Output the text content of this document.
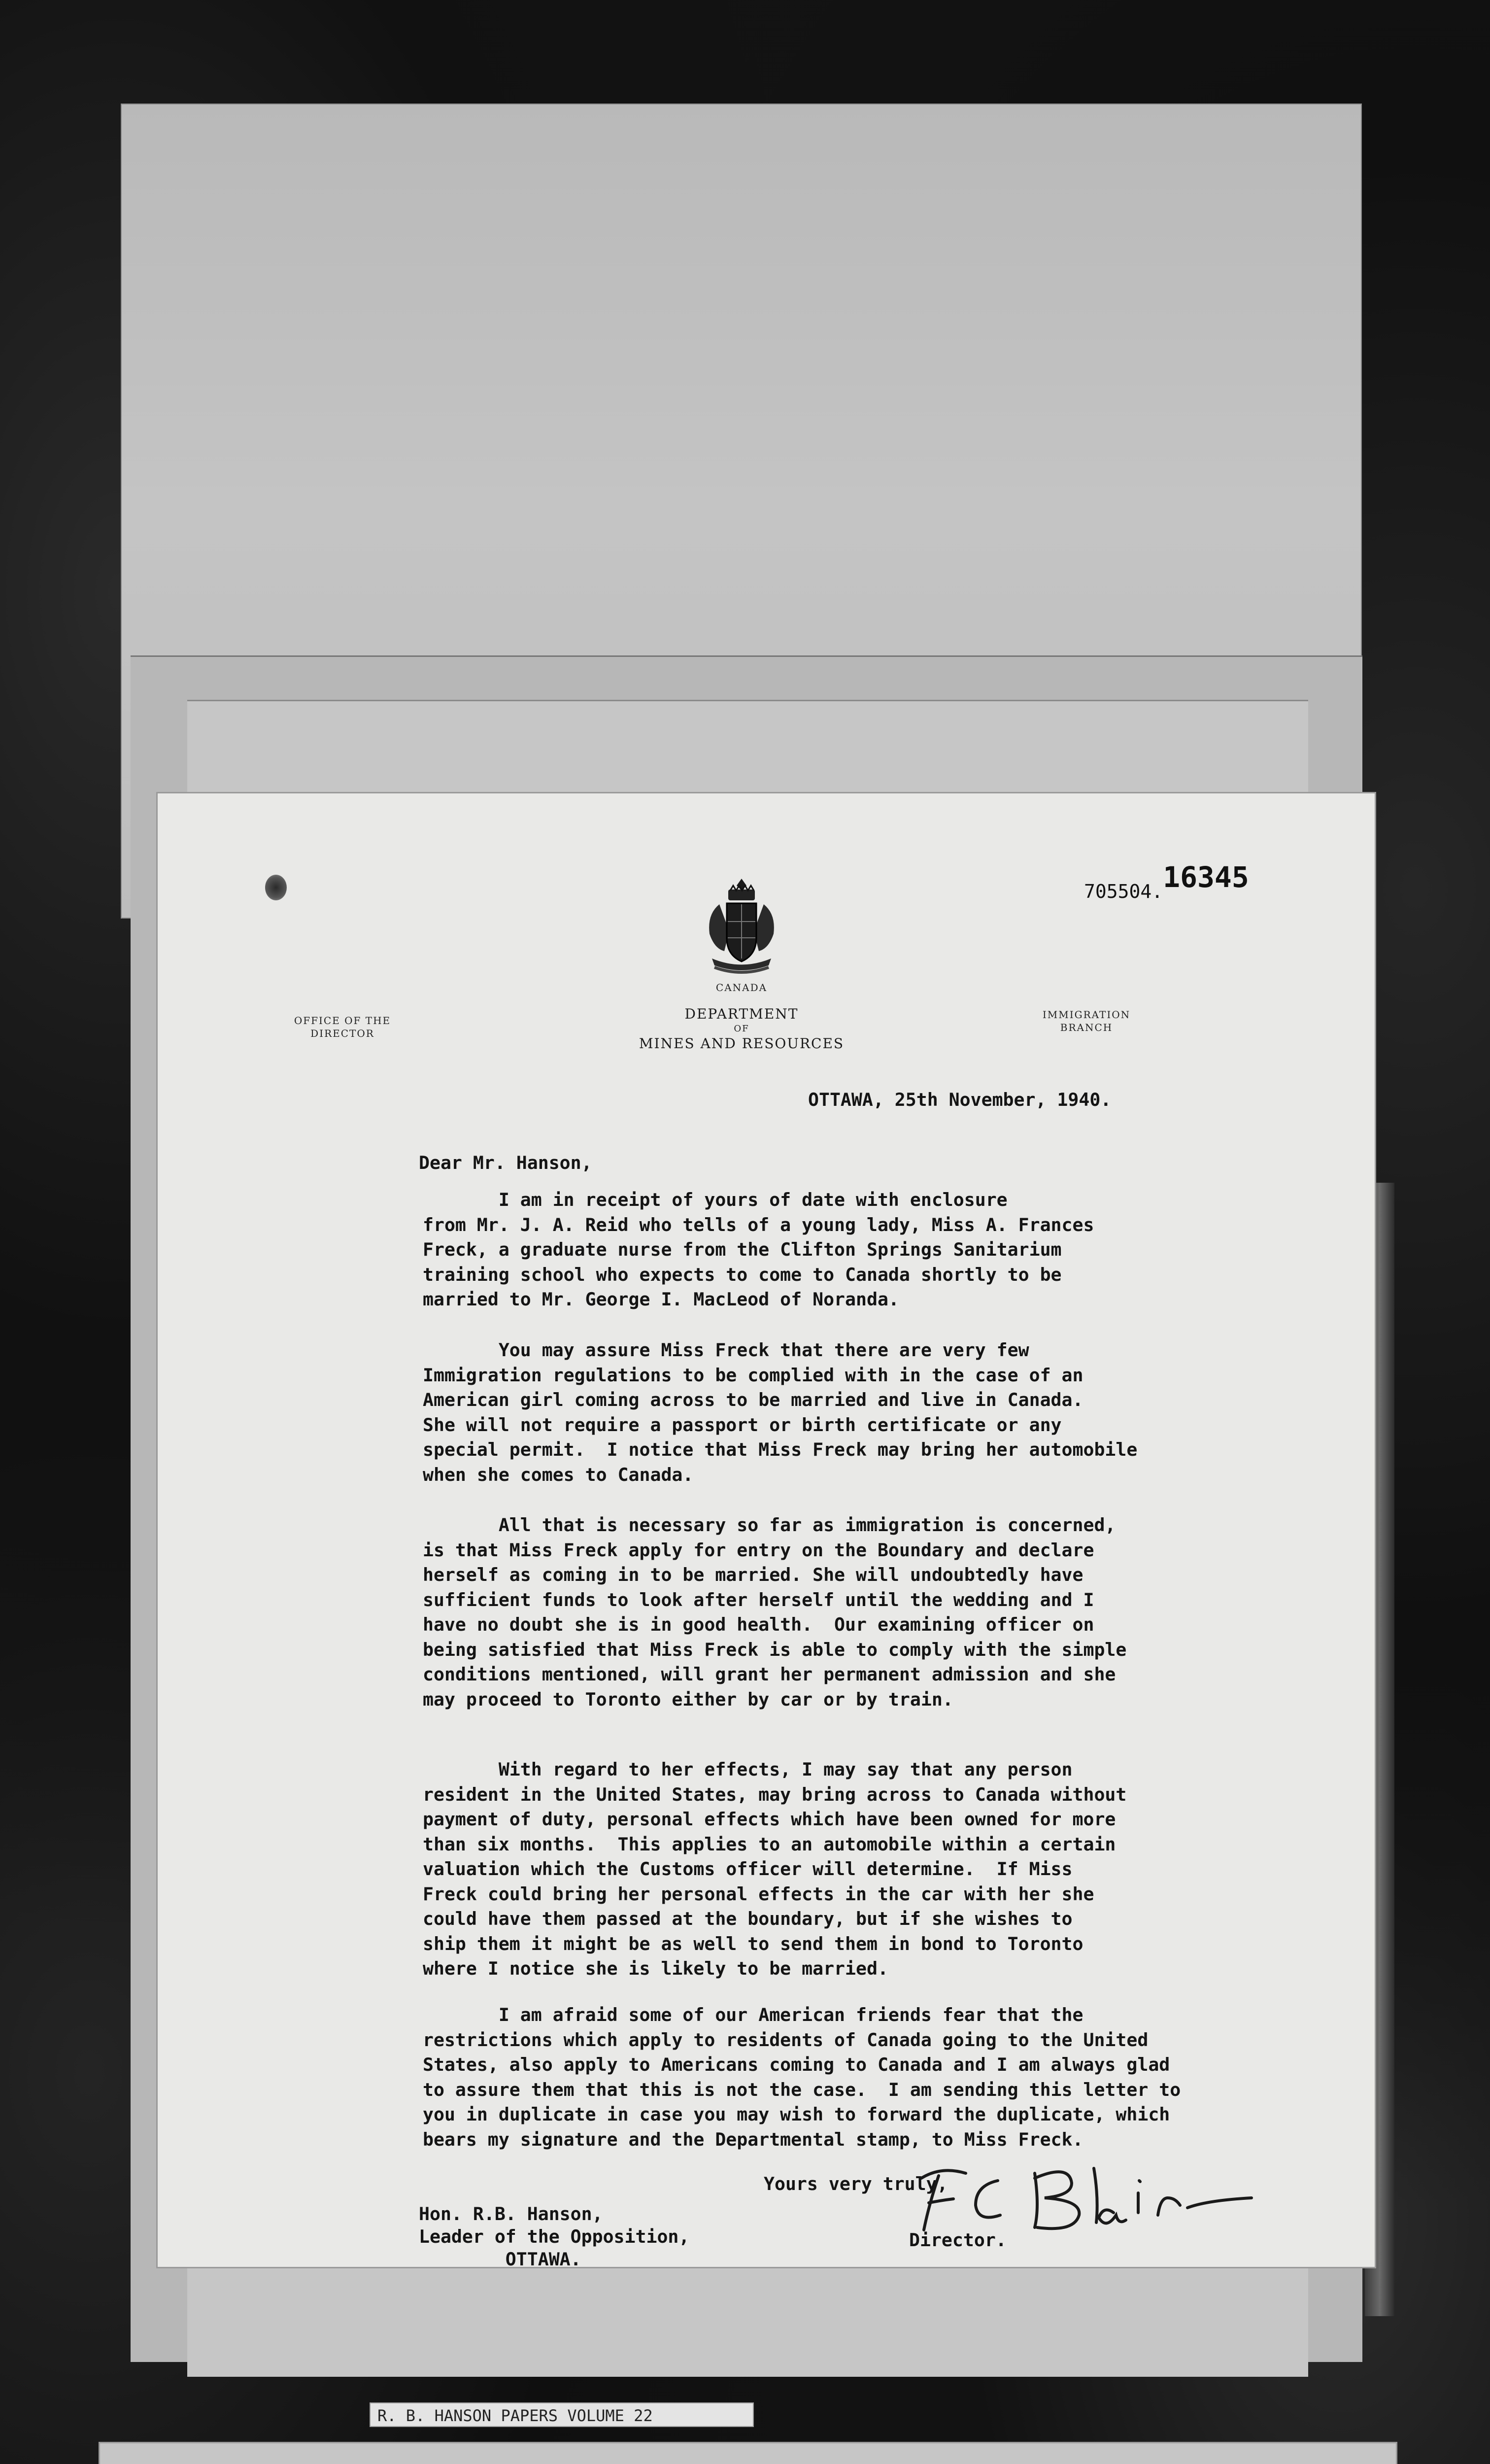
CANADA
DEPARTMENT
OF
MINES AND RESOURCES
OFFICE OF THE
DIRECTOR
IMMIGRATION
BRANCH
705504.16345
OTTAWA, 25th November, 1940.
Dear Mr. Hanson,
I am in receipt of yours of date with enclosure
from Mr. J. A. Reid who tells of a young lady, Miss A. Frances
Freck, a graduate nurse from the Clifton Springs Sanitarium
training school who expects to come to Canada shortly to be
married to Mr. George I. MacLeod of Noranda.
You may assure Miss Freck that there are very few
Immigration regulations to be complied with in the case of an
American girl coming across to be married and live in Canada.
She will not require a passport or birth certificate or any
special permit.  I notice that Miss Freck may bring her automobile
when she comes to Canada.
All that is necessary so far as immigration is concerned,
is that Miss Freck apply for entry on the Boundary and declare
herself as coming in to be married. She will undoubtedly have
sufficient funds to look after herself until the wedding and I
have no doubt she is in good health.  Our examining officer on
being satisfied that Miss Freck is able to comply with the simple
conditions mentioned, will grant her permanent admission and she
may proceed to Toronto either by car or by train.
With regard to her effects, I may say that any person
resident in the United States, may bring across to Canada without
payment of duty, personal effects which have been owned for more
than six months.  This applies to an automobile within a certain
valuation which the Customs officer will determine.  If Miss
Freck could bring her personal effects in the car with her she
could have them passed at the boundary, but if she wishes to
ship them it might be as well to send them in bond to Toronto
where I notice she is likely to be married.
I am afraid some of our American friends fear that the
restrictions which apply to residents of Canada going to the United
States, also apply to Americans coming to Canada and I am always glad
to assure them that this is not the case.  I am sending this letter to
you in duplicate in case you may wish to forward the duplicate, which
bears my signature and the Departmental stamp, to Miss Freck.
Yours very truly,
Hon. R.B. Hanson,
Leader of the Opposition,
OTTAWA.
Director.
R. B. HANSON PAPERS VOLUME 22
